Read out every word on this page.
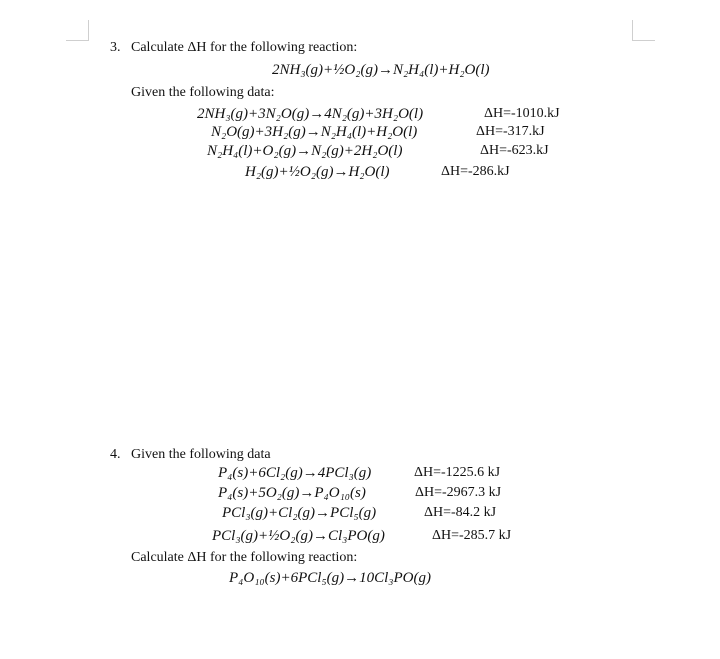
3. Calculate ΔH for the following reaction:
2NH₃(g)+½O₂(g)→N₂H₄(l)+H₂O(l)
Given the following data:
2NH₃(g)+3N₂O(g)→4N₂(g)+3H₂O(l)	ΔH=-1010.kJ
N₂O(g)+3H₂(g)→N₂H₄(l)+H₂O(l)	ΔH=-317.kJ
N₂H₄(l)+O₂(g)→N₂(g)+2H₂O(l)	ΔH=-623.kJ
H₂(g)+½O₂(g)→H₂O(l)	ΔH=-286.kJ
4. Given the following data
P₄(s)+6Cl₂(g)→4PCl₃(g)	ΔH=-1225.6 kJ
P₄(s)+5O₂(g)→P₄O₁₀(s)	ΔH=-2967.3 kJ
PCl₃(g)+Cl₂(g)→PCl₅(g)	ΔH=-84.2 kJ
PCl₃(g)+½O₂(g)→Cl₃PO(g)	ΔH=-285.7 kJ
Calculate ΔH for the following reaction:
P₄O₁₀(s)+6PCl₅(g)→10Cl₃PO(g)
